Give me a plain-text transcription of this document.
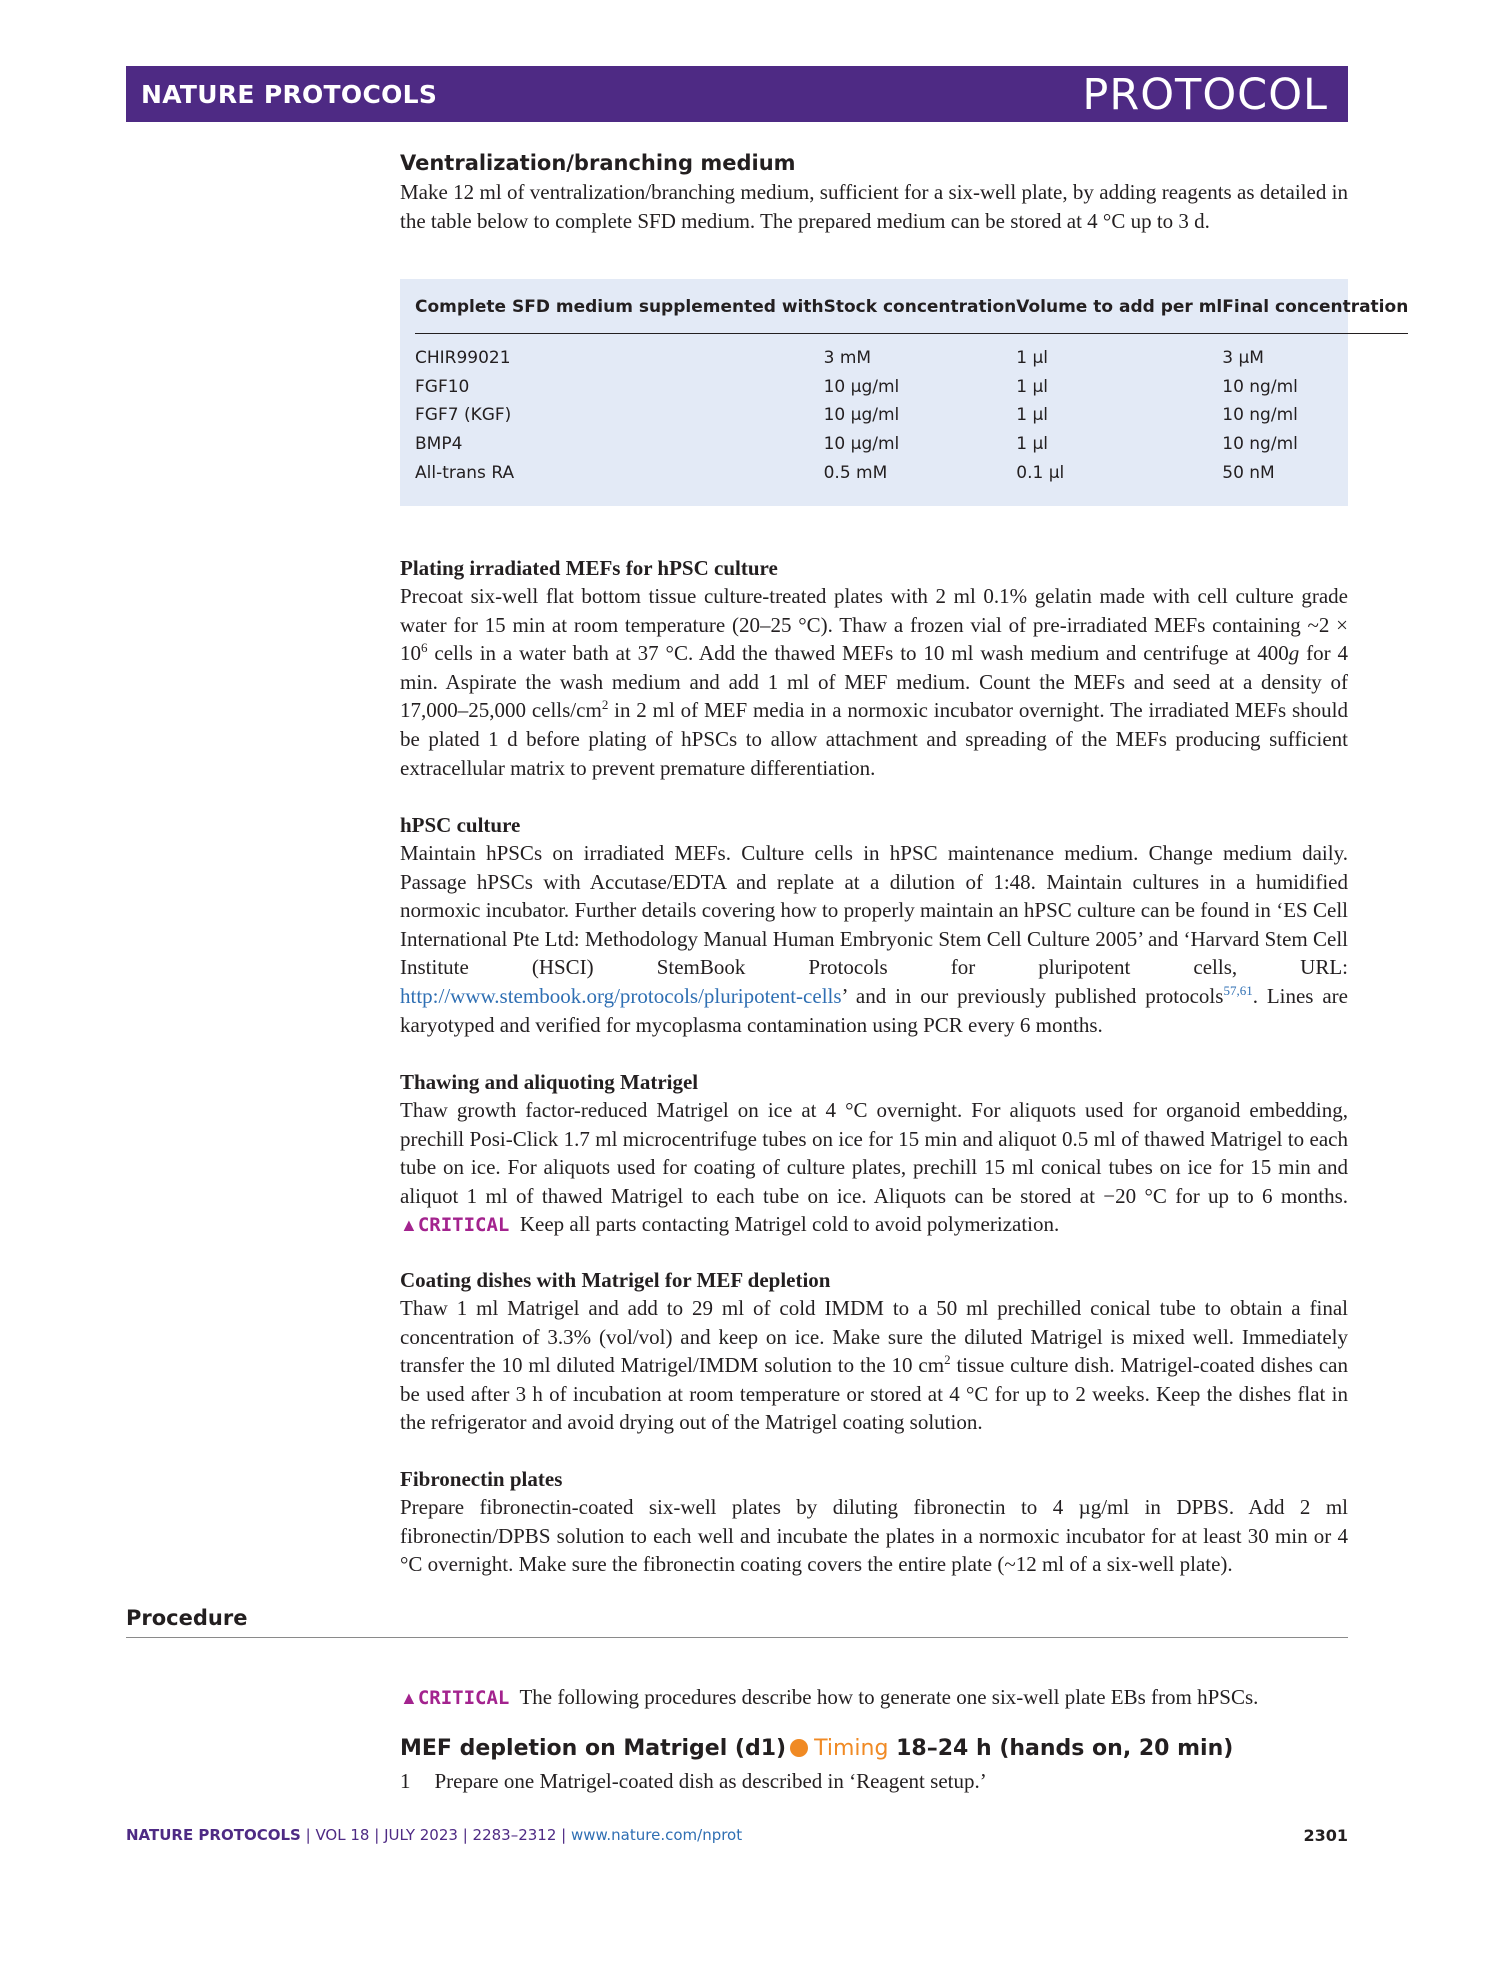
NATURE PROTOCOLS	PROTOCOL
Ventralization/branching medium
Make 12 ml of ventralization/branching medium, sufficient for a six-well plate, by adding reagents as detailed in the table below to complete SFD medium. The prepared medium can be stored at 4 °C up to 3 d.
Complete SFD medium supplemented with	Stock concentration	Volume to add per ml	Final concentration
CHIR99021	3 mM	1 µl	3 µM
FGF10	10 µg/ml	1 µl	10 ng/ml
FGF7 (KGF)	10 µg/ml	1 µl	10 ng/ml
BMP4	10 µg/ml	1 µl	10 ng/ml
All-trans RA	0.5 mM	0.1 µl	50 nM
Plating irradiated MEFs for hPSC culture
Precoat six-well flat bottom tissue culture-treated plates with 2 ml 0.1% gelatin made with cell culture grade water for 15 min at room temperature (20–25 °C). Thaw a frozen vial of pre-irradiated MEFs containing ~2 × $10^6$ cells in a water bath at 37 °C. Add the thawed MEFs to 10 ml wash medium and centrifuge at 400g for 4 min. Aspirate the wash medium and add 1 ml of MEF medium. Count the MEFs and seed at a density of 17,000–25,000 cells/$cm^2$ in 2 ml of MEF media in a normoxic incubator overnight. The irradiated MEFs should be plated 1 d before plating of hPSCs to allow attachment and spreading of the MEFs producing sufficient extracellular matrix to prevent premature differentiation.
hPSC culture
Maintain hPSCs on irradiated MEFs. Culture cells in hPSC maintenance medium. Change medium daily. Passage hPSCs with Accutase/EDTA and replate at a dilution of 1:48. Maintain cultures in a humidified normoxic incubator. Further details covering how to properly maintain an hPSC culture can be found in ‘ES Cell International Pte Ltd: Methodology Manual Human Embryonic Stem Cell Culture 2005’ and ‘Harvard Stem Cell Institute (HSCI) StemBook Protocols for pluripotent cells, URL: http://www.stembook.org/protocols/pluripotent-cells’ and in our previously published protocols$^{57,61}$. Lines are karyotyped and verified for mycoplasma contamination using PCR every 6 months.
Thawing and aliquoting Matrigel
Thaw growth factor-reduced Matrigel on ice at 4 °C overnight. For aliquots used for organoid embedding, prechill Posi-Click 1.7 ml microcentrifuge tubes on ice for 15 min and aliquot 0.5 ml of thawed Matrigel to each tube on ice. For aliquots used for coating of culture plates, prechill 15 ml conical tubes on ice for 15 min and aliquot 1 ml of thawed Matrigel to each tube on ice. Aliquots can be stored at −20 °C for up to 6 months. ▲CRITICAL Keep all parts contacting Matrigel cold to avoid polymerization.
Coating dishes with Matrigel for MEF depletion
Thaw 1 ml Matrigel and add to 29 ml of cold IMDM to a 50 ml prechilled conical tube to obtain a final concentration of 3.3% (vol/vol) and keep on ice. Make sure the diluted Matrigel is mixed well. Immediately transfer the 10 ml diluted Matrigel/IMDM solution to the 10 $cm^2$ tissue culture dish. Matrigel-coated dishes can be used after 3 h of incubation at room temperature or stored at 4 °C for up to 2 weeks. Keep the dishes flat in the refrigerator and avoid drying out of the Matrigel coating solution.
Fibronectin plates
Prepare fibronectin-coated six-well plates by diluting fibronectin to 4 µg/ml in DPBS. Add 2 ml fibronectin/DPBS solution to each well and incubate the plates in a normoxic incubator for at least 30 min or 4 °C overnight. Make sure the fibronectin coating covers the entire plate (~12 ml of a six-well plate).
Procedure
▲CRITICAL The following procedures describe how to generate one six-well plate EBs from hPSCs.
MEF depletion on Matrigel (d1) Timing 18–24 h (hands on, 20 min)
1 Prepare one Matrigel-coated dish as described in ‘Reagent setup.’
NATURE PROTOCOLS | VOL 18 | JULY 2023 | 2283–2312 | www.nature.com/nprot	2301
